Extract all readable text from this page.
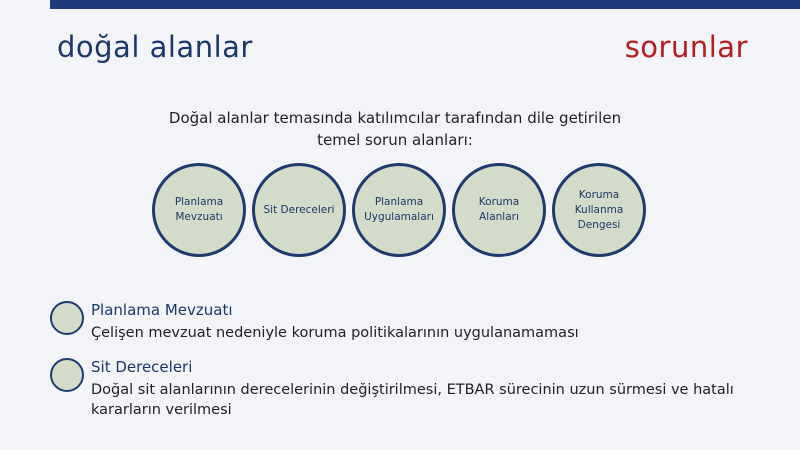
doğal alanlar	sorunlar
Doğal alanlar temasında katılımcılar tarafından dile getirilen
temel sorun alanları:
Planlama Mevzuatı
Sit Dereceleri
Planlama Uygulamaları
Koruma Alanları
Koruma Kullanma Dengesi
Planlama Mevzuatı
Çelişen mevzuat nedeniyle koruma politikalarının uygulanamaması
Sit Dereceleri
Doğal sit alanlarının derecelerinin değiştirilmesi, ETBAR sürecinin uzun sürmesi ve hatalı kararların verilmesi
